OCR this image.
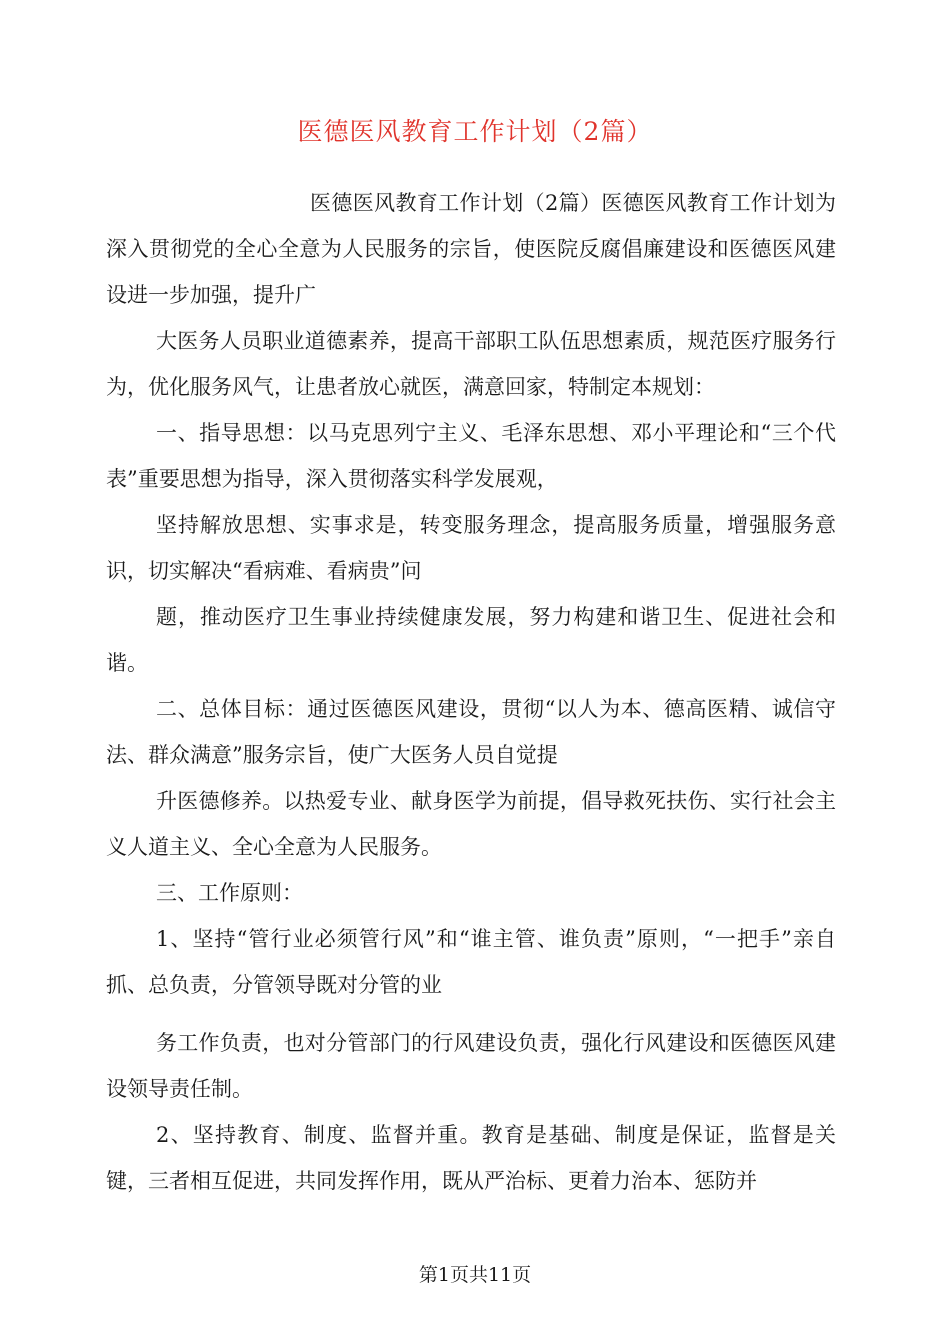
医德医风教育工作计划（2篇）

医德医风教育工作计划（2篇）医德医风教育工作计划为深入贯彻党的全心全意为人民服务的宗旨，使医院反腐倡廉建设和医德医风建设进一步加强，提升广

大医务人员职业道德素养，提高干部职工队伍思想素质，规范医疗服务行为，优化服务风气，让患者放心就医，满意回家，特制定本规划：

一、指导思想：以马克思列宁主义、毛泽东思想、邓小平理论和“三个代表”重要思想为指导，深入贯彻落实科学发展观，

坚持解放思想、实事求是，转变服务理念，提高服务质量，增强服务意识，切实解决“看病难、看病贵”问

题，推动医疗卫生事业持续健康发展，努力构建和谐卫生、促进社会和谐。

二、总体目标：通过医德医风建设，贯彻“以人为本、德高医精、诚信守法、群众满意”服务宗旨，使广大医务人员自觉提

升医德修养。以热爱专业、献身医学为前提，倡导救死扶伤、实行社会主义人道主义、全心全意为人民服务。

三、工作原则：

1、坚持“管行业必须管行风”和“谁主管、谁负责”原则，“一把手”亲自抓、总负责，分管领导既对分管的业

务工作负责，也对分管部门的行风建设负责，强化行风建设和医德医风建设领导责任制。

2、坚持教育、制度、监督并重。教育是基础、制度是保证，监督是关键，三者相互促进，共同发挥作用，既从严治标、更着力治本、惩防并

第1页共11页
